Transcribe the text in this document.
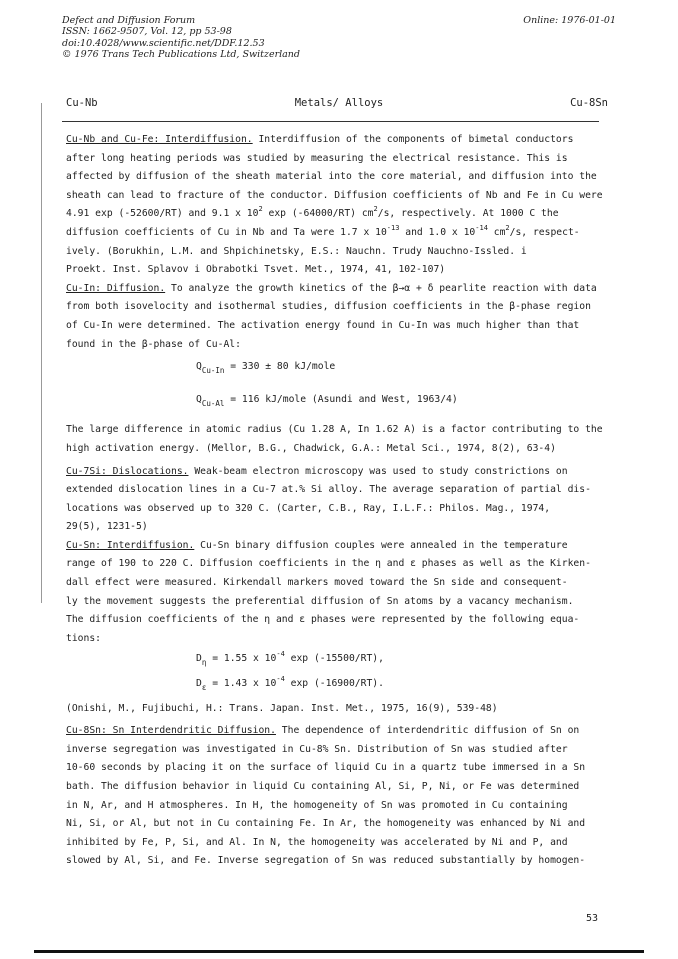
Defect and Diffusion Forum
ISSN: 1662-9507, Vol. 12, pp 53-98
doi:10.4028/www.scientific.net/DDF.12.53
© 1976 Trans Tech Publications Ltd, Switzerland
Online: 1976-01-01
Cu-Nb	Metals/ Alloys	Cu-8Sn
Cu-Nb and Cu-Fe: Interdiffusion. Interdiffusion of the components of bimetal conductors
after long heating periods was studied by measuring the electrical resistance. This is
affected by diffusion of the sheath material into the core material, and diffusion into the
sheath can lead to fracture of the conductor. Diffusion coefficients of Nb and Fe in Cu were
4.91 exp (-52600/RT) and 9.1 x $10^2$ exp (-64000/RT) $cm^2/s$, respectively. At 1000 C the
diffusion coefficients of Cu in Nb and Ta were 1.7 x $10^{-13}$ and 1.0 x $10^{-14}$ $cm^2/s$, respect-
ively. (Borukhin, L.M. and Shpichinetsky, E.S.: Nauchn. Trudy Nauchno-Issled. i
Proekt. Inst. Splavov i Obrabotki Tsvet. Met., 1974, 41, 102-107)
Cu-In: Diffusion. To analyze the growth kinetics of the β→α + δ pearlite reaction with data
from both isovelocity and isothermal studies, diffusion coefficients in the β-phase region
of Cu-In were determined. The activation energy found in Cu-In was much higher than that
found in the β-phase of Cu-Al:
$Q_{Cu-In} = 330 \pm 80$ kJ/mole
$Q_{Cu-Al} = 116$ kJ/mole (Asundi and West, 1963/4)
The large difference in atomic radius (Cu 1.28 A, In 1.62 A) is a factor contributing to the
high activation energy. (Mellor, B.G., Chadwick, G.A.: Metal Sci., 1974, 8(2), 63-4)
Cu-7Si: Dislocations. Weak-beam electron microscopy was used to study constrictions on
extended dislocation lines in a Cu-7 at.% Si alloy. The average separation of partial dis-
locations was observed up to 320 C. (Carter, C.B., Ray, I.L.F.: Philos. Mag., 1974,
29(5), 1231-5)
Cu-Sn: Interdiffusion. Cu-Sn binary diffusion couples were annealed in the temperature
range of 190 to 220 C. Diffusion coefficients in the η and ε phases as well as the Kirken-
dall effect were measured. Kirkendall markers moved toward the Sn side and consequent-
ly the movement suggests the preferential diffusion of Sn atoms by a vacancy mechanism.
The diffusion coefficients of the η and ε phases were represented by the following equa-
tions:
$D_\eta = 1.55$ x $10^{-4}$ exp (-15500/RT),
$D_\varepsilon = 1.43$ x $10^{-4}$ exp (-16900/RT).
(Onishi, M., Fujibuchi, H.: Trans. Japan. Inst. Met., 1975, 16(9), 539-48)
Cu-8Sn: Sn Interdendritic Diffusion. The dependence of interdendritic diffusion of Sn on
inverse segregation was investigated in Cu-8% Sn. Distribution of Sn was studied after
10-60 seconds by placing it on the surface of liquid Cu in a quartz tube immersed in a Sn
bath. The diffusion behavior in liquid Cu containing Al, Si, P, Ni, or Fe was determined
in N, Ar, and H atmospheres. In H, the homogeneity of Sn was promoted in Cu containing
Ni, Si, or Al, but not in Cu containing Fe. In Ar, the homogeneity was enhanced by Ni and
inhibited by Fe, P, Si, and Al. In N, the homogeneity was accelerated by Ni and P, and
slowed by Al, Si, and Fe. Inverse segregation of Sn was reduced substantially by homogen-
53
